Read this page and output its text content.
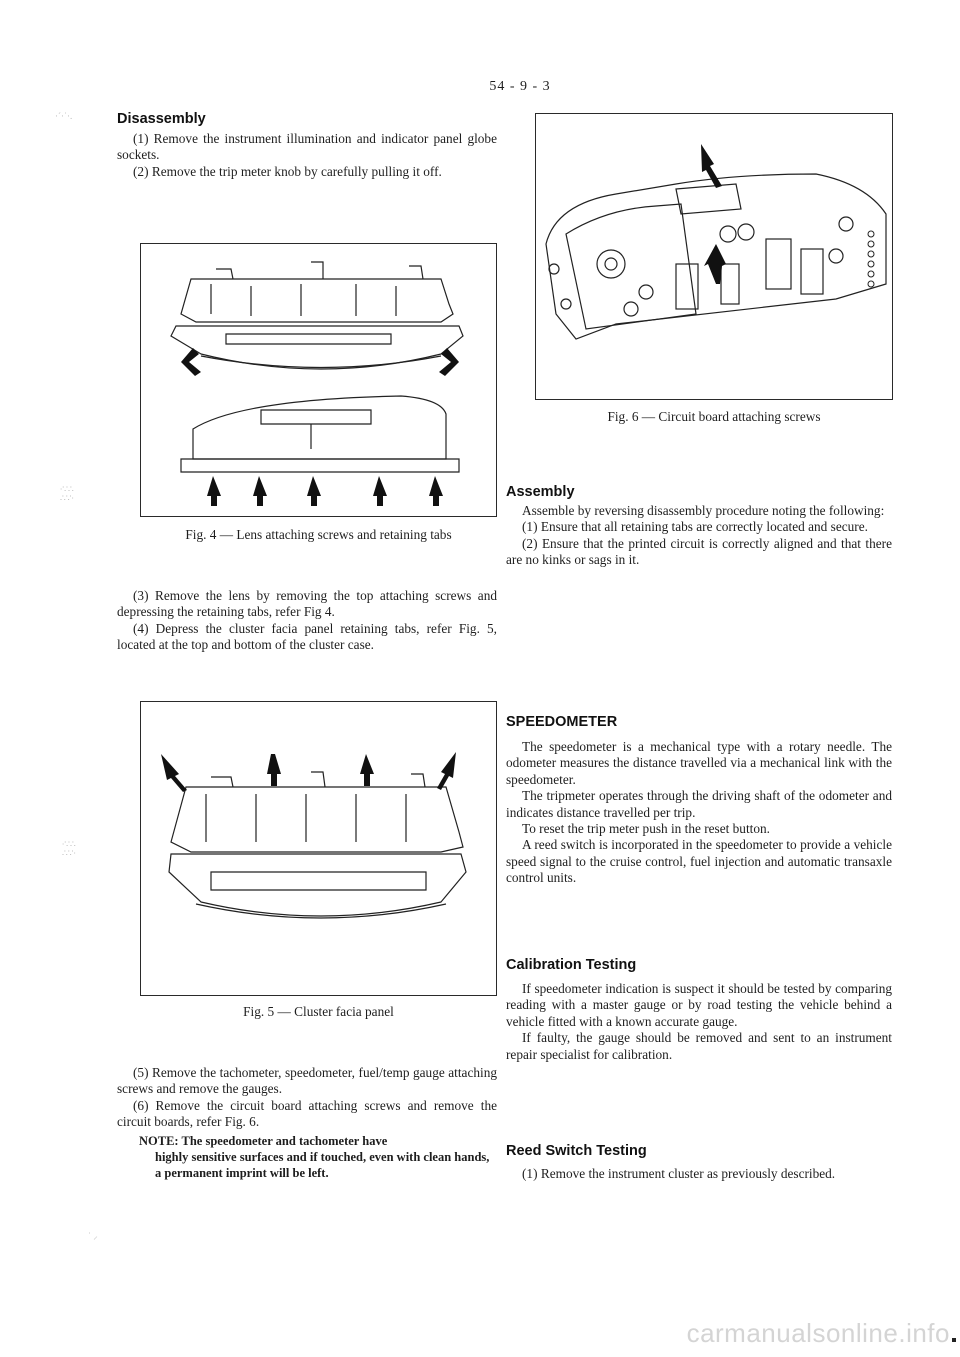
54 - 9 - 3
·´·˙·.
∙∵∴
∴∵∙
∙∵∴
∴∵∙
˙ ⸝
Disassembly

(1) Remove the instrument illumination and indicator panel globe sockets.

(2) Remove the trip meter knob by carefully pulling it off.

Fig. 4 — Lens attaching screws and retaining tabs

(3) Remove the lens by removing the top attaching screws and depressing the retaining tabs, refer Fig 4.

(4) Depress the cluster facia panel retaining tabs, refer Fig. 5, located at the top and bottom of the cluster case.

Fig. 5 — Cluster facia panel

(5) Remove the tachometer, speedometer, fuel/temp gauge attaching screws and remove the gauges.

(6) Remove the circuit board attaching screws and remove the circuit boards, refer Fig. 6.

NOTE: The speedometer and tachometer have
highly sensitive surfaces and if touched, even with clean hands, a permanent imprint will be left.
Fig. 6 — Circuit board attaching screws
Assembly

Assemble by reversing disassembly procedure noting the following:

(1) Ensure that all retaining tabs are correctly located and secure.

(2) Ensure that the printed circuit is correctly aligned and that there are no kinks or sags in it.

SPEEDOMETER

The speedometer is a mechanical type with a rotary needle. The odometer measures the distance travelled via a mechanical link with the speedometer.

The tripmeter operates through the driving shaft of the odometer and indicates distance travelled per trip.

To reset the trip meter push in the reset button.

A reed switch is incorporated in the speedometer to provide a vehicle speed signal to the cruise control, fuel injection and automatic transaxle control units.

Calibration Testing

If speedometer indication is suspect it should be tested by comparing reading with a master gauge or by road testing the vehicle behind a vehicle fitted with a known accurate gauge.

If faulty, the gauge should be removed and sent to an instrument repair specialist for calibration.

Reed Switch Testing

(1) Remove the instrument cluster as previously described.

carmanualsonline.info
